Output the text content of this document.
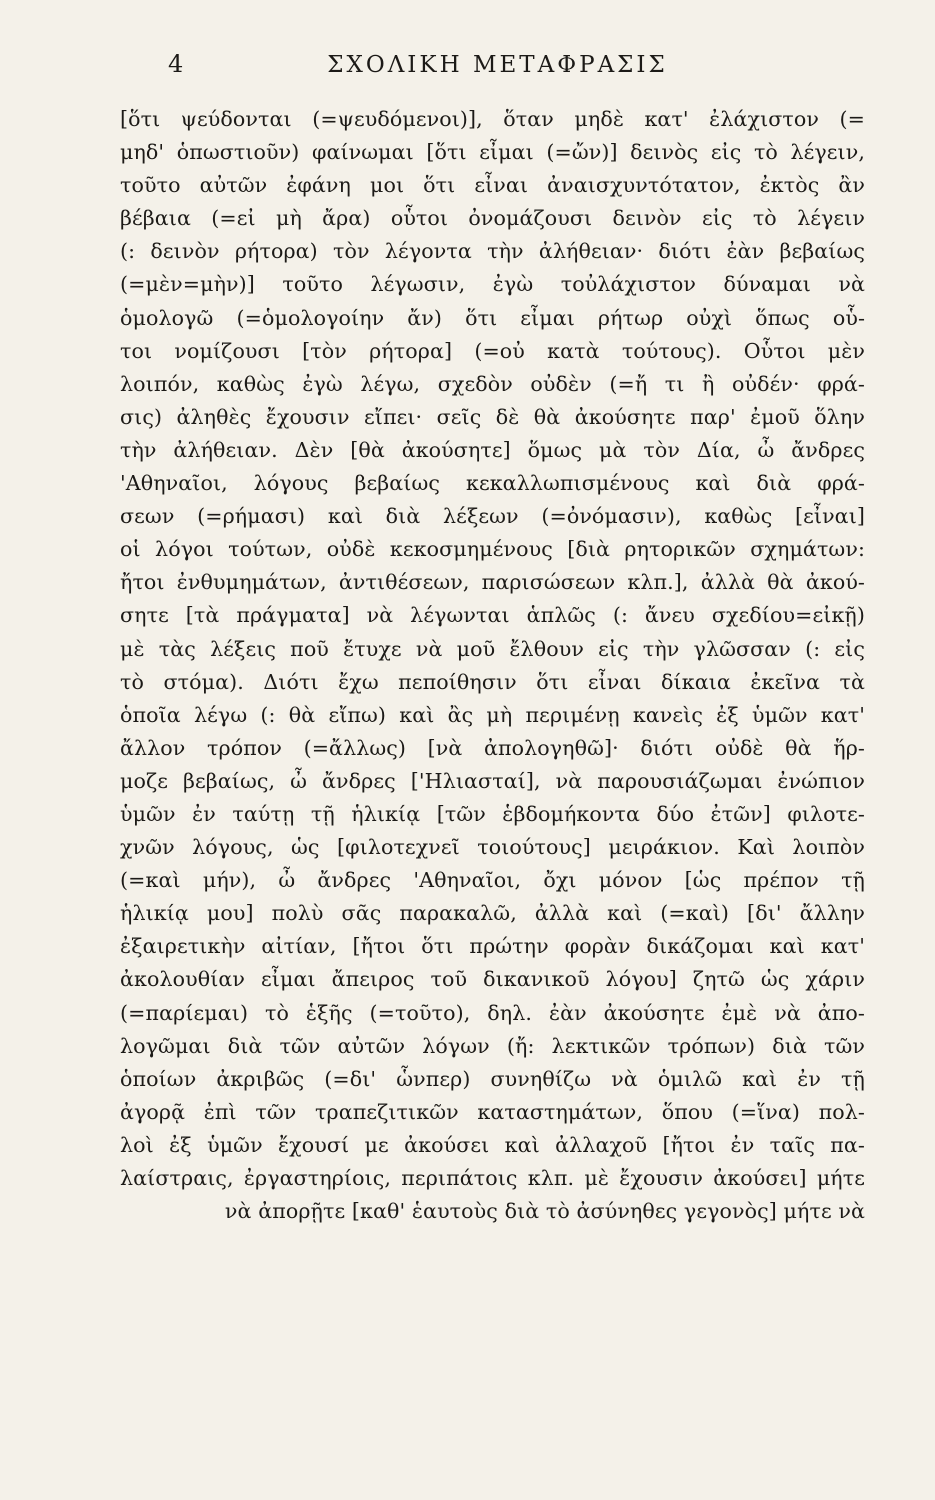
4	ΣΧΟΛΙΚΗ ΜΕΤΑΦΡΑΣΙΣ
[ὅτι ψεύδονται (=ψευδόμενοι)], ὅταν μηδὲ κατ' ἐλάχιστον (=
μηδ' ὁπωστιοῦν) φαίνωμαι [ὅτι εἶμαι (=ὤν)] δεινὸς εἰς τὸ λέγειν,
τοῦτο αὐτῶν ἐφάνη μοι ὅτι εἶναι ἀναισχυντότατον, ἐκτὸς ἂν
βέβαια (=εἰ μὴ ἄρα) οὗτοι ὀνομάζουσι δεινὸν εἰς τὸ λέγειν
(: δεινὸν ρήτορα) τὸν λέγοντα τὴν ἀλήθειαν· διότι ἐὰν βεβαίως
(=μὲν=μὴν)] τοῦτο λέγωσιν, ἐγὼ τοὐλάχιστον δύναμαι νὰ
ὁμολογῶ (=ὁμολογοίην ἄν) ὅτι εἶμαι ρήτωρ οὐχὶ ὅπως οὗ-
τοι νομίζουσι [τὸν ρήτορα] (=οὐ κατὰ τούτους). Οὗτοι μὲν
λοιπόν, καθὼς ἐγὼ λέγω, σχεδὸν οὐδὲν (=ἤ τι ἢ οὐδέν· φρά-
σις) ἀληθὲς ἔχουσιν εἴπει· σεῖς δὲ θὰ ἀκούσητε παρ' ἐμοῦ ὅλην
τὴν ἀλήθειαν. Δὲν [θὰ ἀκούσητε] ὅμως μὰ τὸν Δία, ὦ ἄνδρες
'Αθηναῖοι, λόγους βεβαίως κεκαλλωπισμένους καὶ διὰ φρά-
σεων (=ρήμασι) καὶ διὰ λέξεων (=ὀνόμασιν), καθὼς [εἶναι]
οἱ λόγοι τούτων, οὐδὲ κεκοσμημένους [διὰ ρητορικῶν σχημάτων:
ἤτοι ἐνθυμημάτων, ἀντιθέσεων, παρισώσεων κλπ.], ἀλλὰ θὰ ἀκού-
σητε [τὰ πράγματα] νὰ λέγωνται ἁπλῶς (: ἄνευ σχεδίου=εἰκῇ)
μὲ τὰς λέξεις ποῦ ἔτυχε νὰ μοῦ ἔλθουν εἰς τὴν γλῶσσαν (: εἰς
τὸ στόμα). Διότι ἔχω πεποίθησιν ὅτι εἶναι δίκαια ἐκεῖνα τὰ
ὁποῖα λέγω (: θὰ εἴπω) καὶ ἂς μὴ περιμένῃ κανεὶς ἐξ ὑμῶν κατ'
ἄλλον τρόπον (=ἄλλως) [νὰ ἀπολογηθῶ]· διότι οὐδὲ θὰ ἥρ-
μοζε βεβαίως, ὦ ἄνδρες ['Ηλιασταί], νὰ παρουσιάζωμαι ἐνώπιον
ὑμῶν ἐν ταύτῃ τῇ ἡλικίᾳ [τῶν ἑβδομήκοντα δύο ἐτῶν] φιλοτε-
χνῶν λόγους, ὡς [φιλοτεχνεῖ τοιούτους] μειράκιον. Καὶ λοιπὸν
(=καὶ μήν), ὦ ἄνδρες 'Αθηναῖοι, ὄχι μόνον [ὡς πρέπον τῇ
ἡλικίᾳ μου] πολὺ σᾶς παρακαλῶ, ἀλλὰ καὶ (=καὶ) [δι' ἄλλην
ἐξαιρετικὴν αἰτίαν, [ἤτοι ὅτι πρώτην φορὰν δικάζομαι καὶ κατ'
ἀκολουθίαν εἶμαι ἄπειρος τοῦ δικανικοῦ λόγου] ζητῶ ὡς χάριν
(=παρίεμαι) τὸ ἑξῆς (=τοῦτο), δηλ. ἐὰν ἀκούσητε ἐμὲ νὰ ἀπο-
λογῶμαι διὰ τῶν αὐτῶν λόγων (ἤ: λεκτικῶν τρόπων) διὰ τῶν
ὁποίων ἀκριβῶς (=δι' ὧνπερ) συνηθίζω νὰ ὁμιλῶ καὶ ἐν τῇ
ἀγορᾷ ἐπὶ τῶν τραπεζιτικῶν καταστημάτων, ὅπου (=ἵνα) πολ-
λοὶ ἐξ ὑμῶν ἔχουσί με ἀκούσει καὶ ἀλλαχοῦ [ἤτοι ἐν ταῖς πα-
λαίστραις, ἐργαστηρίοις, περιπάτοις κλπ. μὲ ἔχουσιν ἀκούσει] μήτε
νὰ ἀπορῇτε [καθ' ἑαυτοὺς διὰ τὸ ἀσύνηθες γεγονὸς] μήτε νὰ
